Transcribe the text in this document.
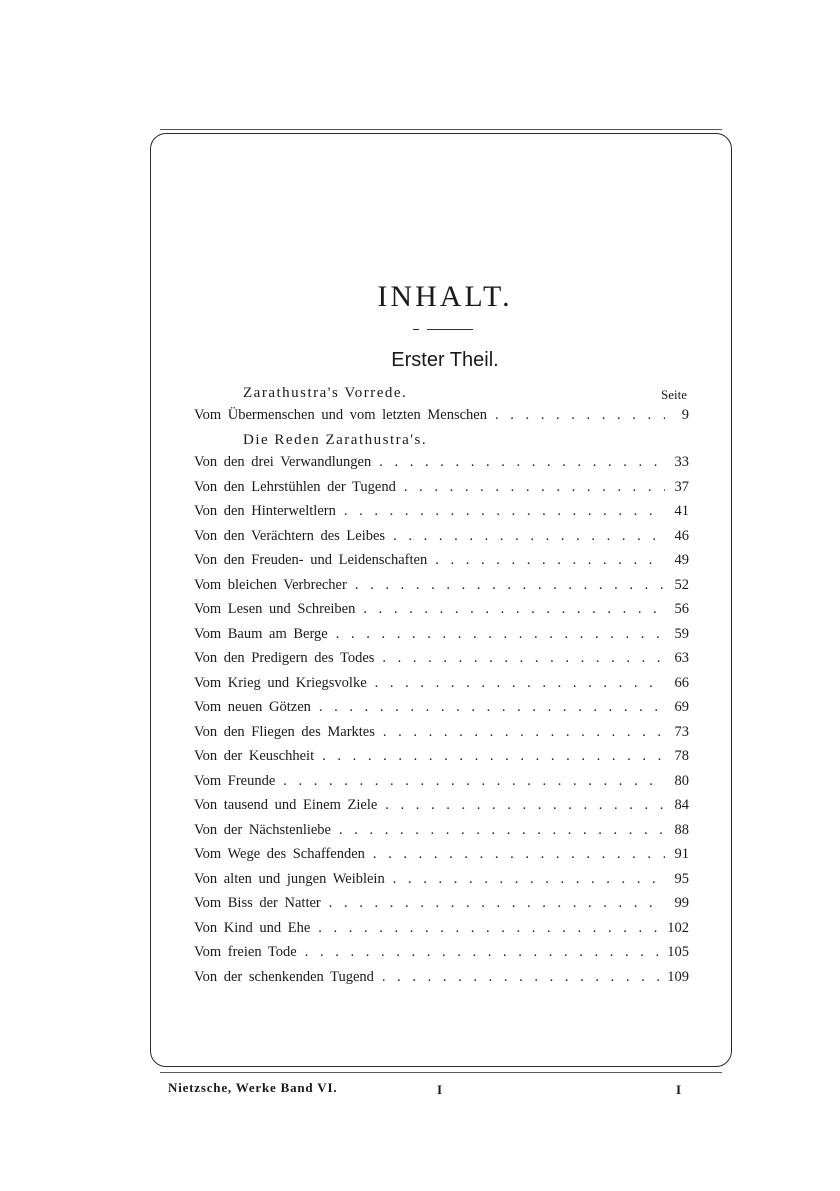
INHALT.
Erster Theil.
Zarathustra's Vorrede.	Seite
Vom Übermenschen und vom letzten Menschen . . .	9
Die Reden Zarathustra's.
Von den drei Verwandlungen . . .	33
Von den Lehrstühlen der Tugend . . .	37
Von den Hinterweltlern . . .	41
Von den Verächtern des Leibes . . .	46
Von den Freuden- und Leidenschaften . . .	49
Vom bleichen Verbrecher . . .	52
Vom Lesen und Schreiben . . .	56
Vom Baum am Berge . . .	59
Von den Predigern des Todes . . .	63
Vom Krieg und Kriegsvolke . . .	66
Vom neuen Götzen . . .	69
Von den Fliegen des Marktes . . .	73
Von der Keuschheit . . .	78
Vom Freunde . . .	80
Von tausend und Einem Ziele . . .	84
Von der Nächstenliebe . . .	88
Vom Wege des Schaffenden . . .	91
Von alten und jungen Weiblein . . .	95
Vom Biss der Natter . . .	99
Von Kind und Ehe . . .	102
Vom freien Tode . . .	105
Von der schenkenden Tugend . . .	109
Nietzsche, Werke Band VI.	I	I
